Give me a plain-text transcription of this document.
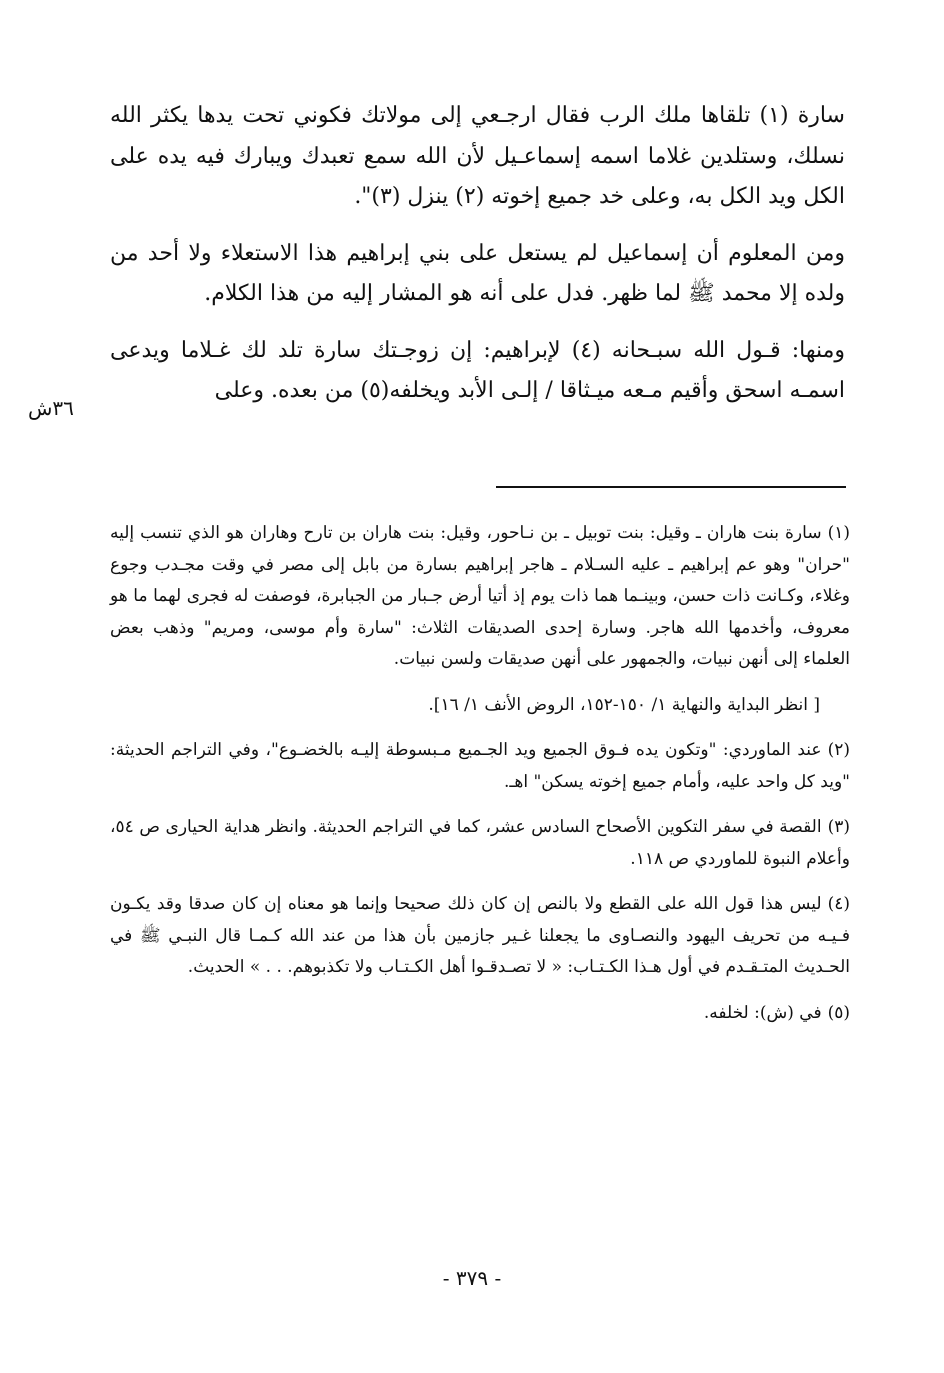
سارة (١) تلقاها ملك الرب فقال ارجـعي إلى مولاتك فكوني تحت يدها يكثر الله نسلك، وستلدين غلاما اسمه إسماعـيل لأن الله سمع تعبدك ويبارك فيه يده على الكل ويد الكل به، وعلى خد جميع إخوته (٢) ينزل (٣)".

ومن المعلوم أن إسماعيل لم يستعل على بني إبراهيم هذا الاستعلاء ولا أحد من ولده إلا محمد ﷺ لما ظهر. فدل على أنه هو المشار إليه من هذا الكلام.

ومنها: قـول الله سبـحانه (٤) لإبراهيم: إن زوجـتك سارة تلد لك غـلاما ويدعى اسمـه اسحق وأقيم مـعه ميـثاقا / إلـى الأبد ويخلفه(٥) من بعده. وعلى

٣٦ش

(١)سارة بنت هاران ـ وقيل: بنت توبيل ـ بن نـاحور، وقيل: بنت هاران بن تارح وهاران هو الذي تنسب إليه "حران" وهو عم إبراهيم ـ عليه السـلام ـ هاجر إبراهيم بسارة من بابل إلى مصر في وقت مجـدب وجوع وغلاء، وكـانت ذات حسن، وبينـما هما ذات يوم إذ أتيا أرض جـبار من الجبابرة، فوصفت له فجرى لهما ما هو معروف، وأخدمها الله هاجر. وسارة إحدى الصديقات الثلاث: "سارة وأم موسى، ومريم" وذهب بعض العلماء إلى أنهن نبيات، والجمهور على أنهن صديقات ولسن نبيات.

[ انظر البداية والنهاية ١/ ١٥٠-١٥٢، الروض الأنف ١/ ١٦].

(٢)عند الماوردي: "وتكون يده فـوق الجميع ويد الجـميع مـبسوطة إليـه بالخضـوع"، وفي التراجم الحديثة: "ويد كل واحد عليه، وأمام جميع إخوته يسكن" اهـ.

(٣)القصة في سفر التكوين الأصحاح السادس عشر، كما في التراجم الحديثة. وانظر هداية الحيارى ص ٥٤، وأعلام النبوة للماوردي ص ١١٨.

(٤)ليس هذا قول الله على القطع ولا بالنص إن كان ذلك صحيحا وإنما هو معناه إن كان صدقا وقد يكـون فـيـه من تحريف اليهود والنصـاوى ما يجعلنا غـير جازمين بأن هذا من عند الله كـمـا قال النبـي ﷺ في الحـديث المتـقـدم في أول هـذا الكـتـاب: « لا تصـدقـوا أهل الكـتـاب ولا تكذبوهم. . . » الحديث.

(٥)في (ش): لخلفه.

- ٣٧٩ -
